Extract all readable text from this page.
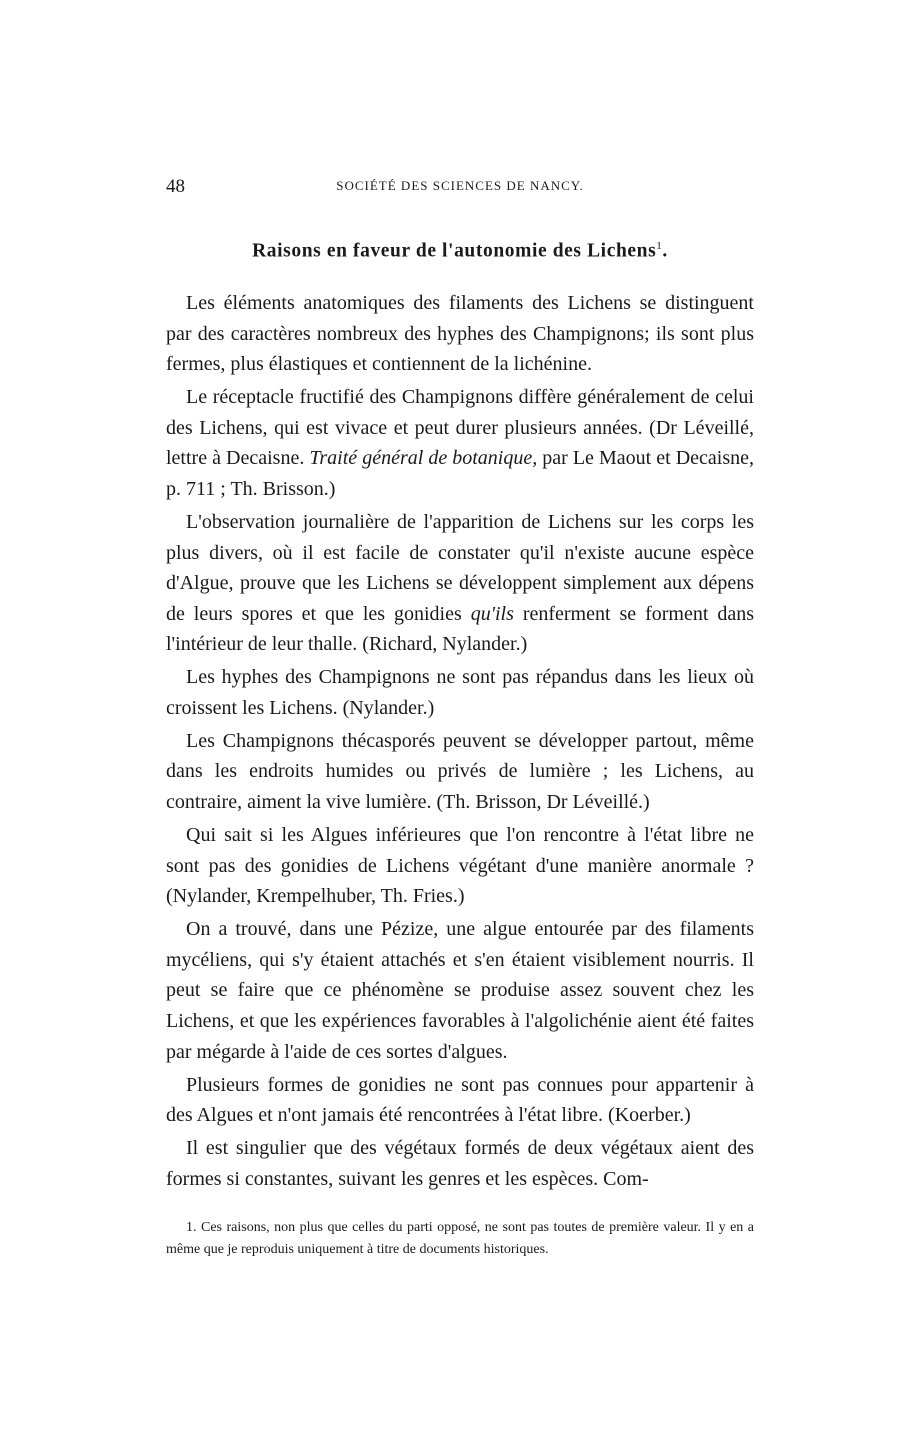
48	SOCIÉTÉ DES SCIENCES DE NANCY.
Raisons en faveur de l'autonomie des Lichens$^1$.

Les éléments anatomiques des filaments des Lichens se distinguent par des caractères nombreux des hyphes des Champignons; ils sont plus fermes, plus élastiques et contiennent de la lichénine.

Le réceptacle fructifié des Champignons diffère généralement de celui des Lichens, qui est vivace et peut durer plusieurs années. (Dr Léveillé, lettre à Decaisne. Traité général de botanique, par Le Maout et Decaisne, p. 711 ; Th. Brisson.)

L'observation journalière de l'apparition de Lichens sur les corps les plus divers, où il est facile de constater qu'il n'existe aucune espèce d'Algue, prouve que les Lichens se développent simplement aux dépens de leurs spores et que les gonidies qu'ils renferment se forment dans l'intérieur de leur thalle. (Richard, Nylander.)

Les hyphes des Champignons ne sont pas répandus dans les lieux où croissent les Lichens. (Nylander.)

Les Champignons thécasporés peuvent se développer partout, même dans les endroits humides ou privés de lumière ; les Lichens, au contraire, aiment la vive lumière. (Th. Brisson, Dr Léveillé.)

Qui sait si les Algues inférieures que l'on rencontre à l'état libre ne sont pas des gonidies de Lichens végétant d'une manière anormale ? (Nylander, Krempelhuber, Th. Fries.)

On a trouvé, dans une Pézize, une algue entourée par des filaments mycéliens, qui s'y étaient attachés et s'en étaient visiblement nourris. Il peut se faire que ce phénomène se produise assez souvent chez les Lichens, et que les expériences favorables à l'algolichénie aient été faites par mégarde à l'aide de ces sortes d'algues.

Plusieurs formes de gonidies ne sont pas connues pour appartenir à des Algues et n'ont jamais été rencontrées à l'état libre. (Koerber.)

Il est singulier que des végétaux formés de deux végétaux aient des formes si constantes, suivant les genres et les espèces. Com-

1. Ces raisons, non plus que celles du parti opposé, ne sont pas toutes de première valeur. Il y en a même que je reproduis uniquement à titre de documents historiques.
